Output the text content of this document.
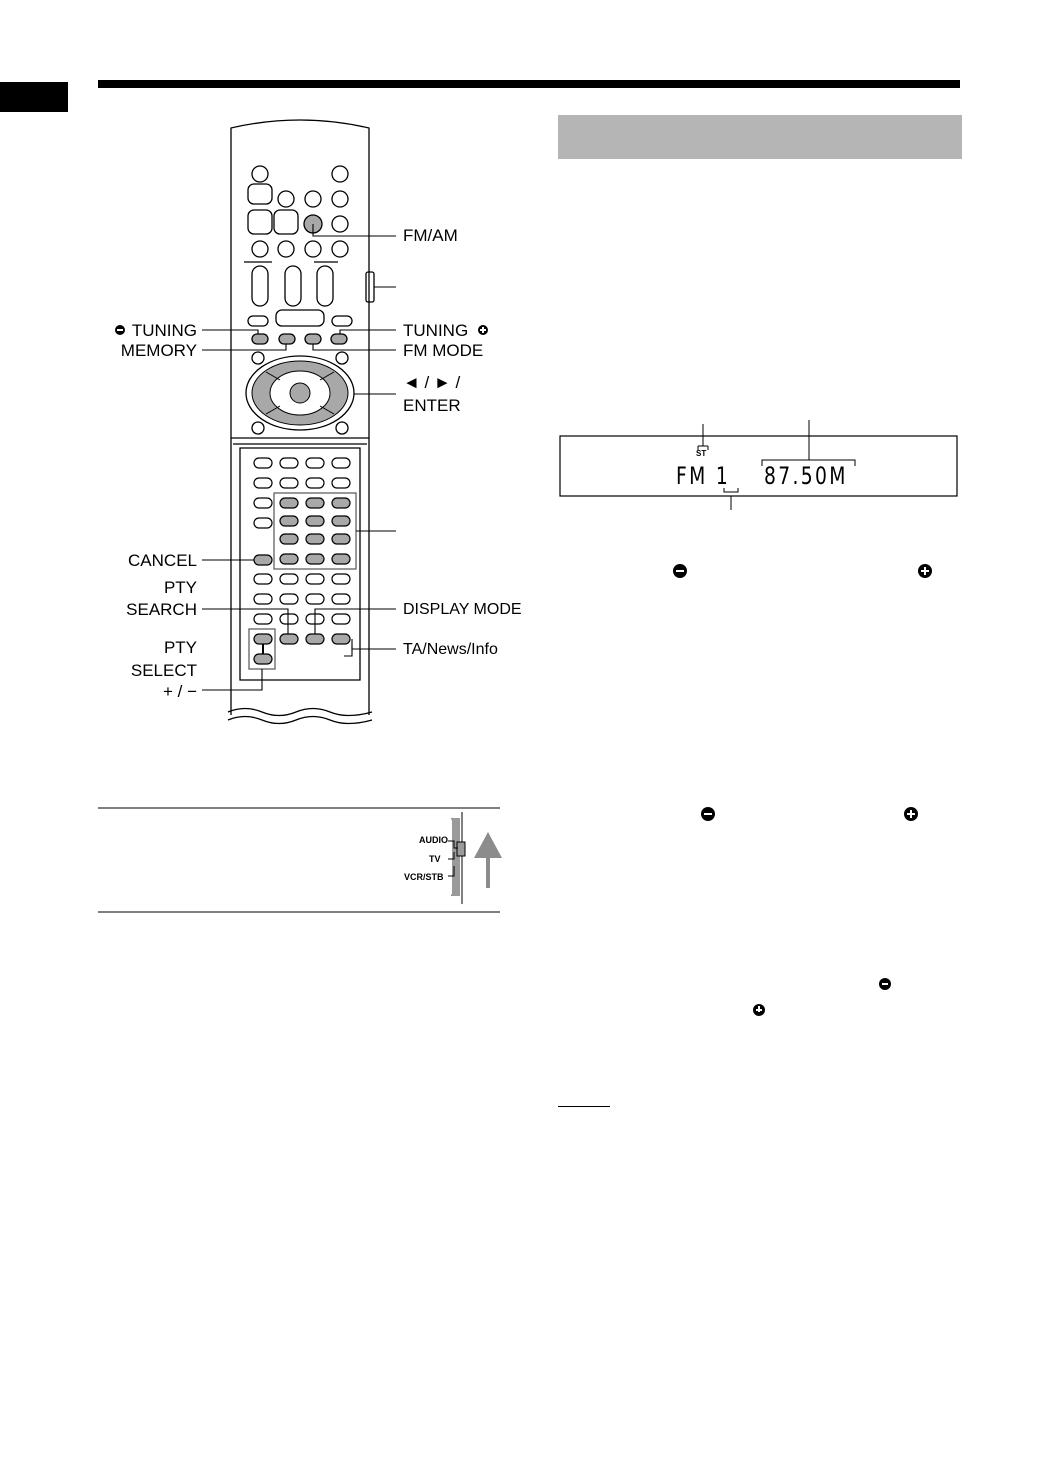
TUNING
MEMORY
CANCEL
PTY
SEARCH
PTY
SELECT
+ / −
FM/AM
TUNING
FM MODE
◄ / ► /
ENTER
DISPLAY MODE
TA/News/Info
ST
FM 1 87.50M
AUDIO
TV
VCR/STB
